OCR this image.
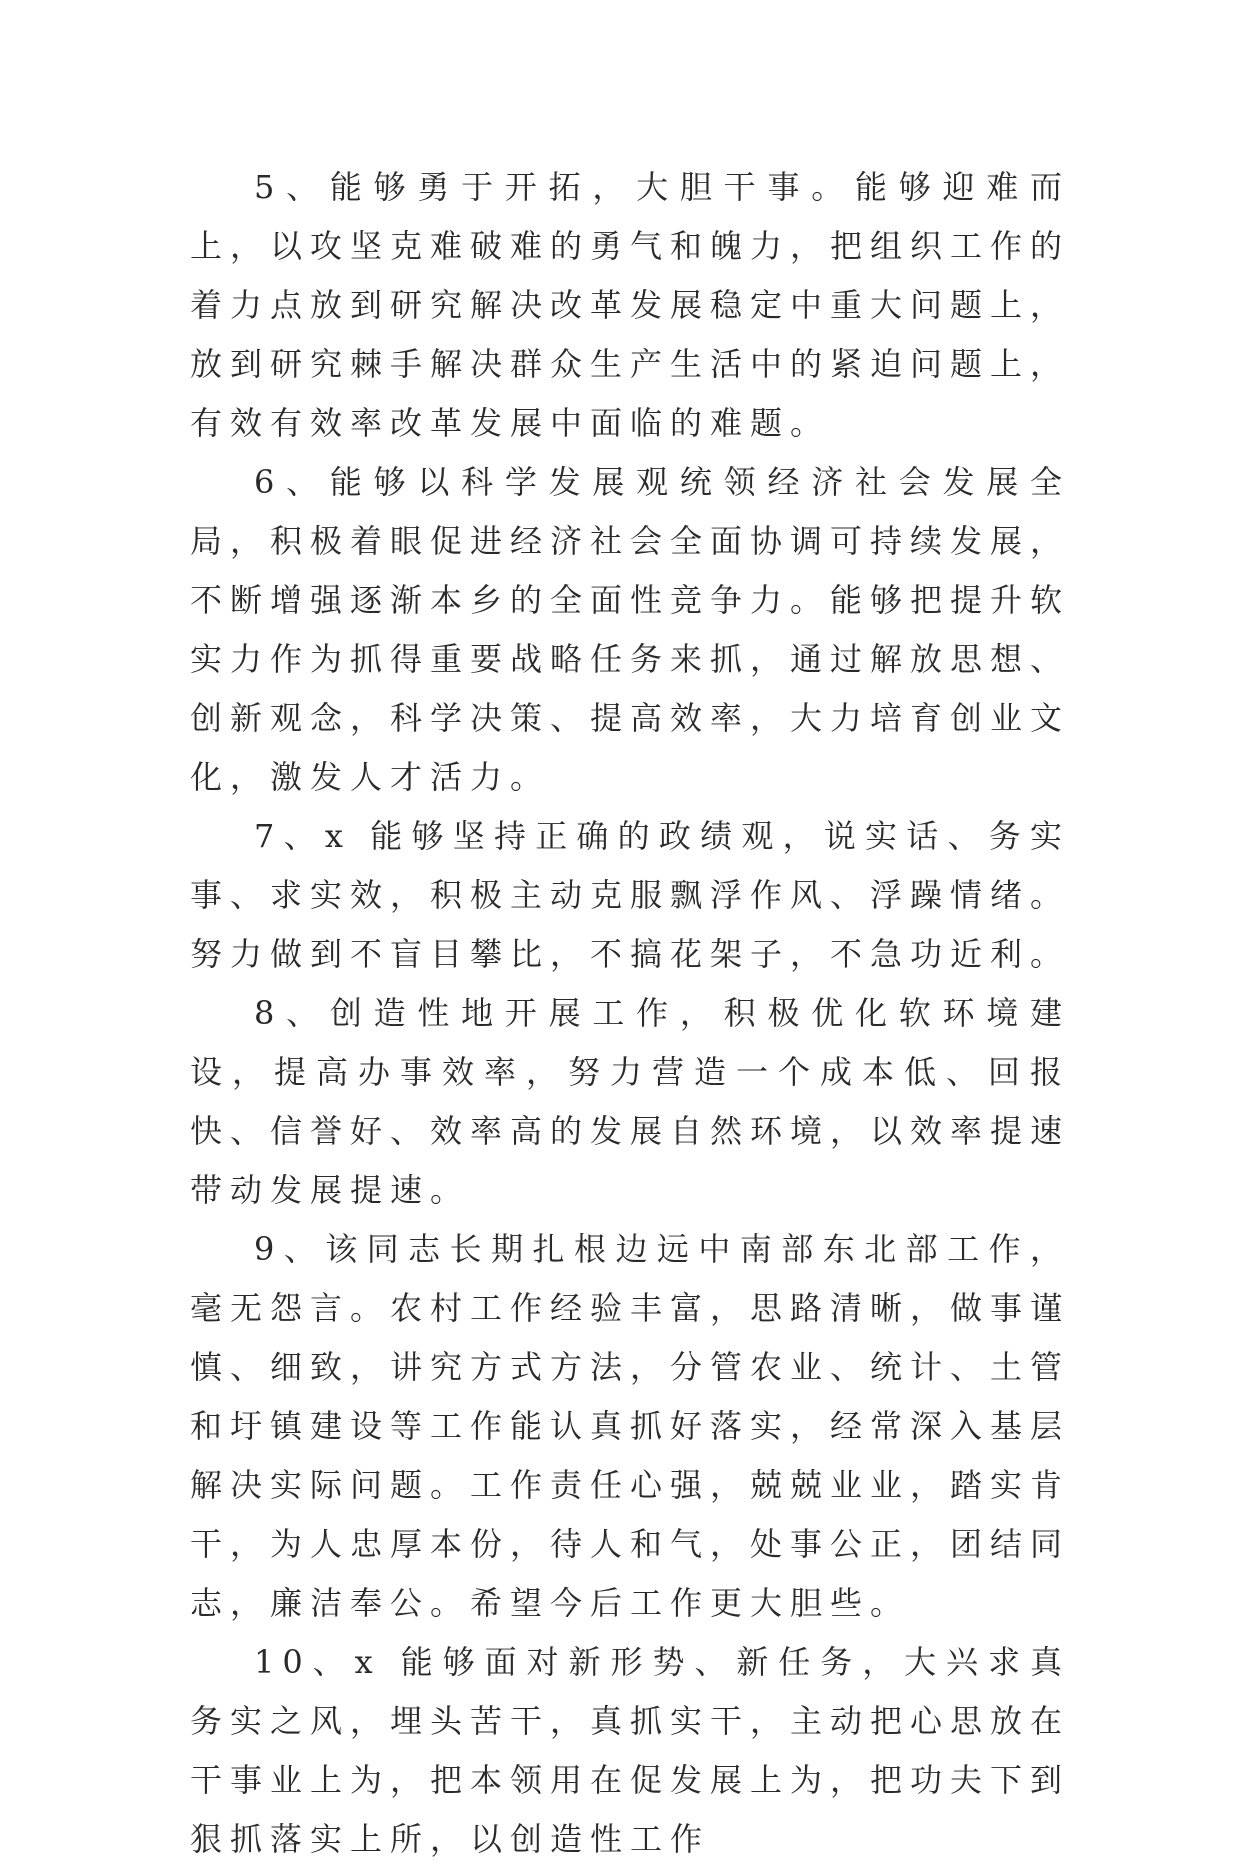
5、能够勇于开拓，大胆干事。能够迎难而上，以攻坚克难破难的勇气和魄力，把组织工作的着力点放到研究解决改革发展稳定中重大问题上，放到研究棘手解决群众生产生活中的紧迫问题上，有效有效率改革发展中面临的难题。

6、能够以科学发展观统领经济社会发展全局，积极着眼促进经济社会全面协调可持续发展，不断增强逐渐本乡的全面性竞争力。能够把提升软实力作为抓得重要战略任务来抓，通过解放思想、创新观念，科学决策、提高效率，大力培育创业文化，激发人才活力。

7、x 能够坚持正确的政绩观，说实话、务实事、求实效，积极主动克服飘浮作风、浮躁情绪。努力做到不盲目攀比，不搞花架子，不急功近利。

8、创造性地开展工作，积极优化软环境建设，提高办事效率，努力营造一个成本低、回报快、信誉好、效率高的发展自然环境，以效率提速带动发展提速。

9、该同志长期扎根边远中南部东北部工作，毫无怨言。农村工作经验丰富，思路清晰，做事谨慎、细致，讲究方式方法，分管农业、统计、土管和圩镇建设等工作能认真抓好落实，经常深入基层解决实际问题。工作责任心强，兢兢业业，踏实肯干，为人忠厚本份，待人和气，处事公正，团结同志，廉洁奉公。希望今后工作更大胆些。

10、x 能够面对新形势、新任务，大兴求真务实之风，埋头苦干，真抓实干，主动把心思放在干事业上为，把本领用在促发展上为，把功夫下到狠抓落实上所，以创造性工作
